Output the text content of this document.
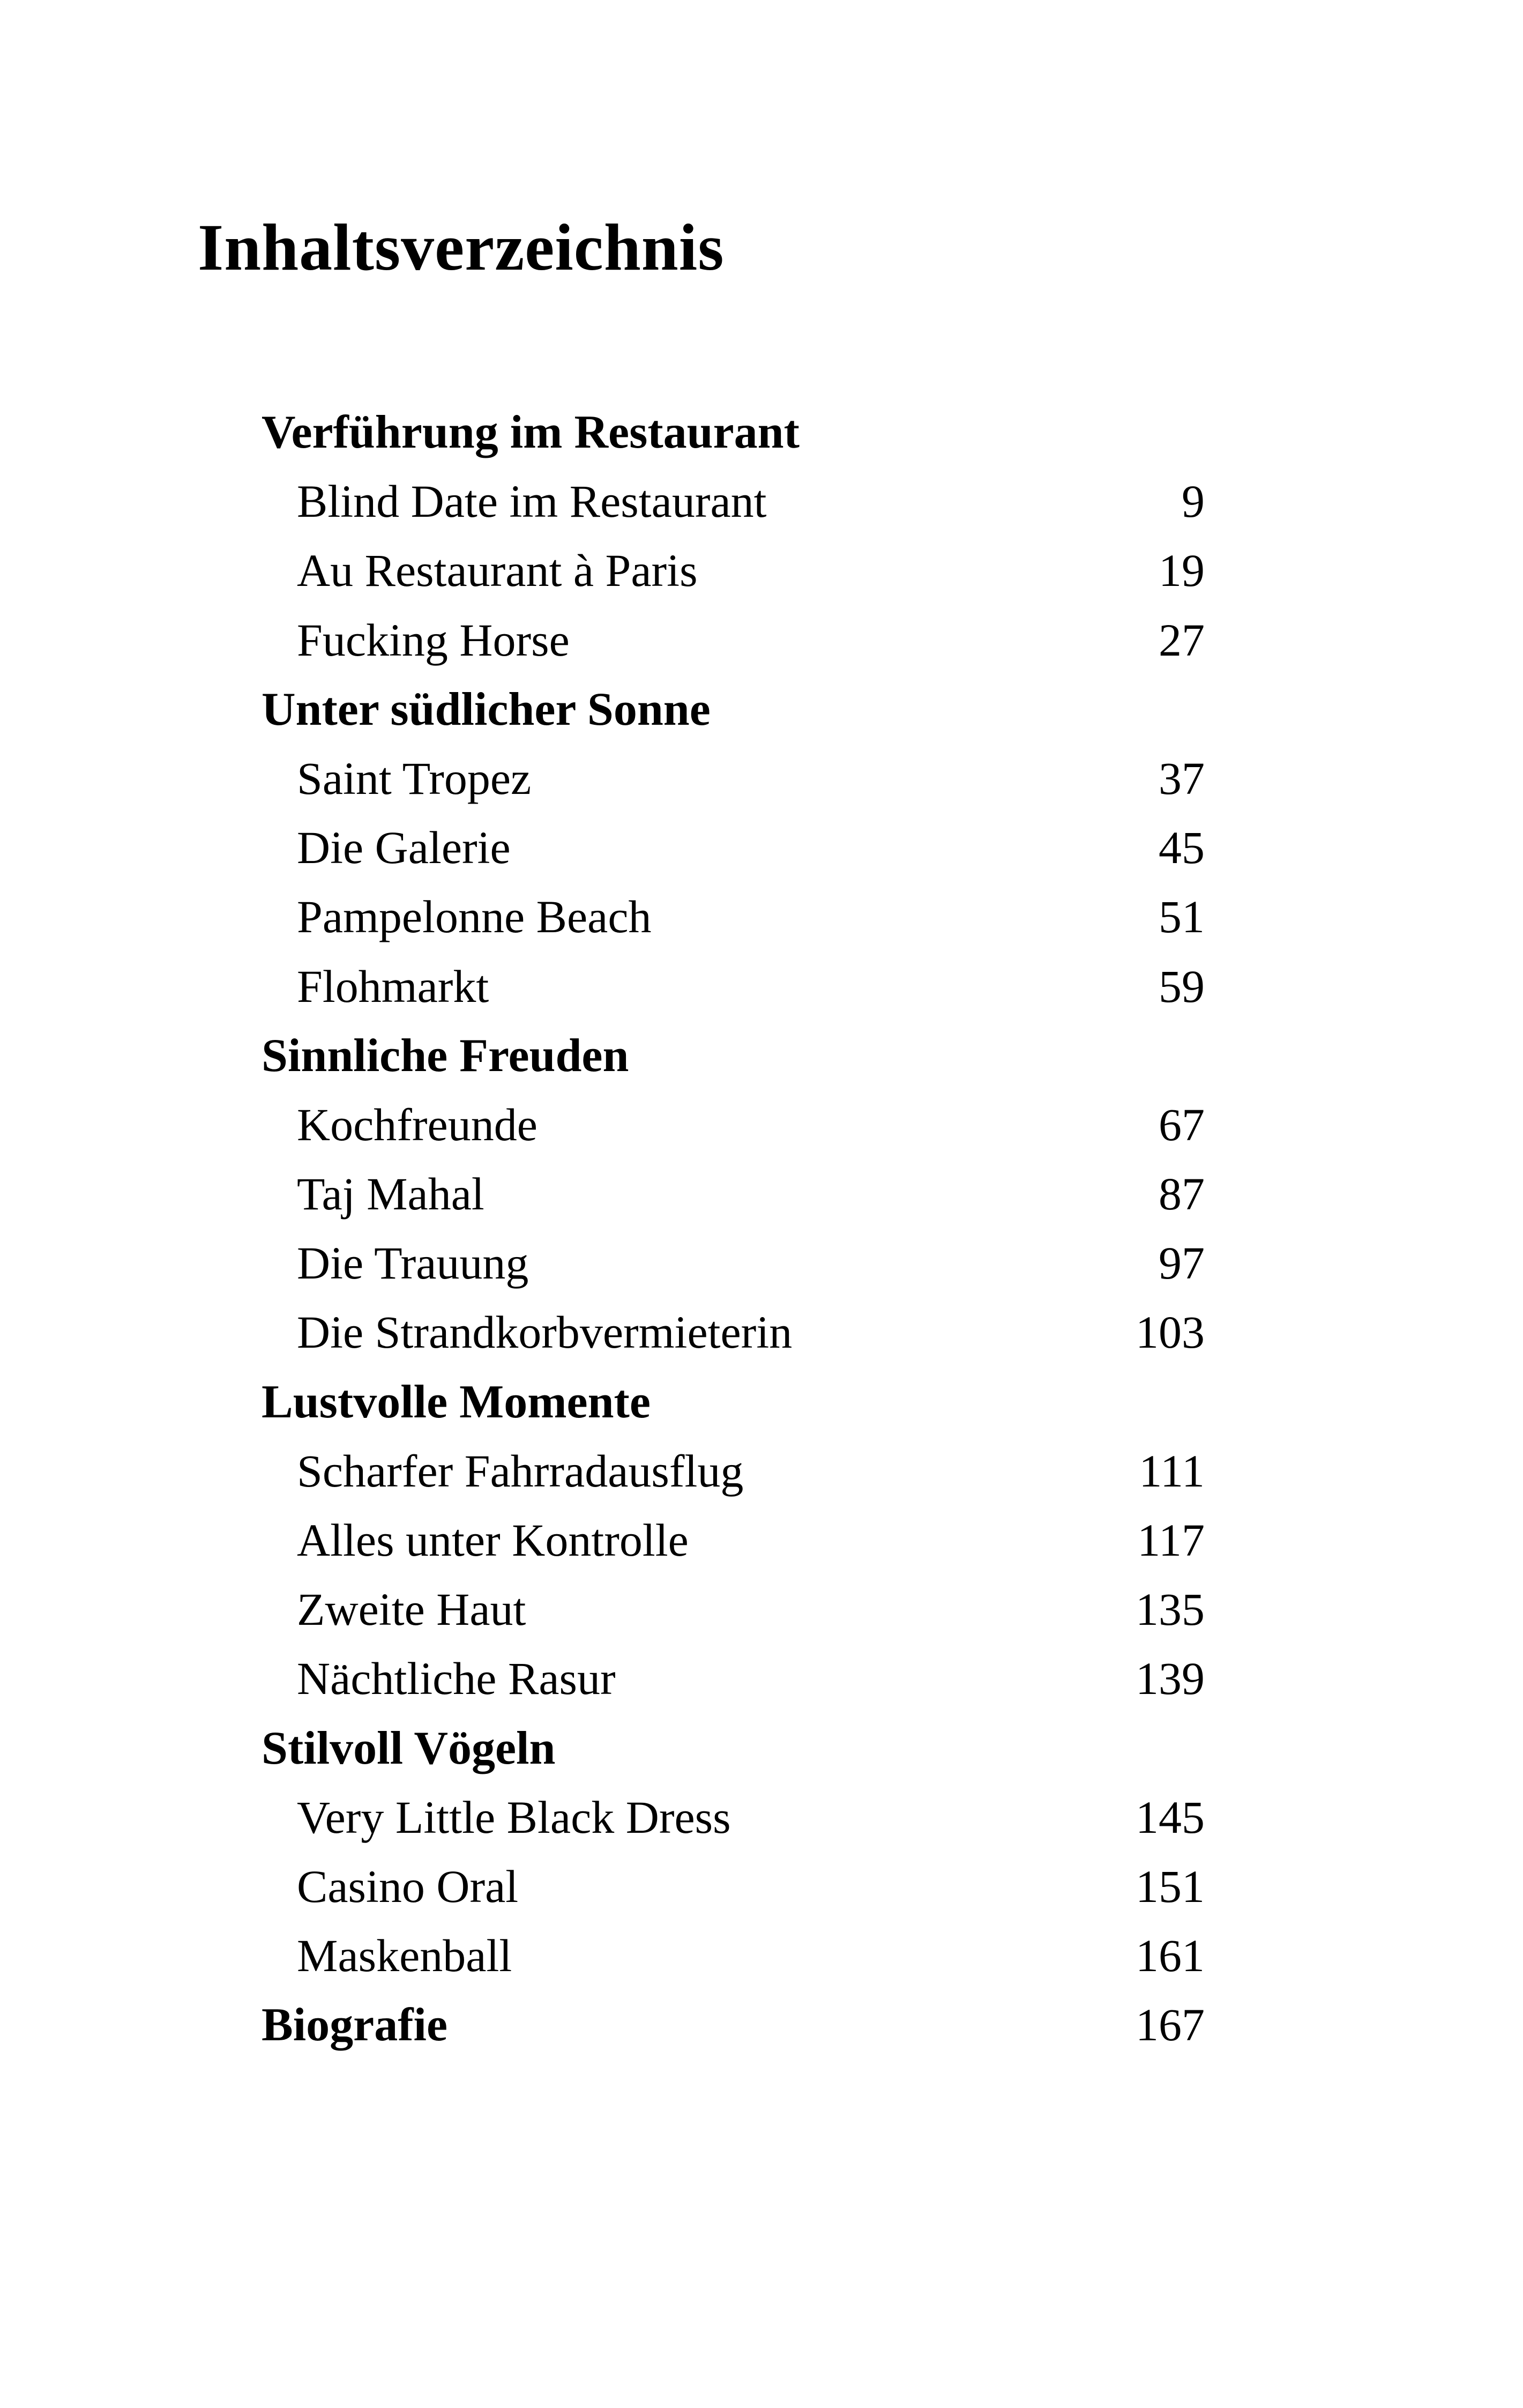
Inhaltsverzeichnis
Verführung im Restaurant
Blind Date im Restaurant	9
Au Restaurant à Paris	19
Fucking Horse	27
Unter südlicher Sonne
Saint Tropez	37
Die Galerie	45
Pampelonne Beach	51
Flohmarkt	59
Sinnliche Freuden
Kochfreunde	67
Taj Mahal	87
Die Trauung	97
Die Strandkorbvermieterin	103
Lustvolle Momente
Scharfer Fahrradausflug	111
Alles unter Kontrolle	117
Zweite Haut	135
Nächtliche Rasur	139
Stilvoll Vögeln
Very Little Black Dress	145
Casino Oral	151
Maskenball	161
Biografie	167
